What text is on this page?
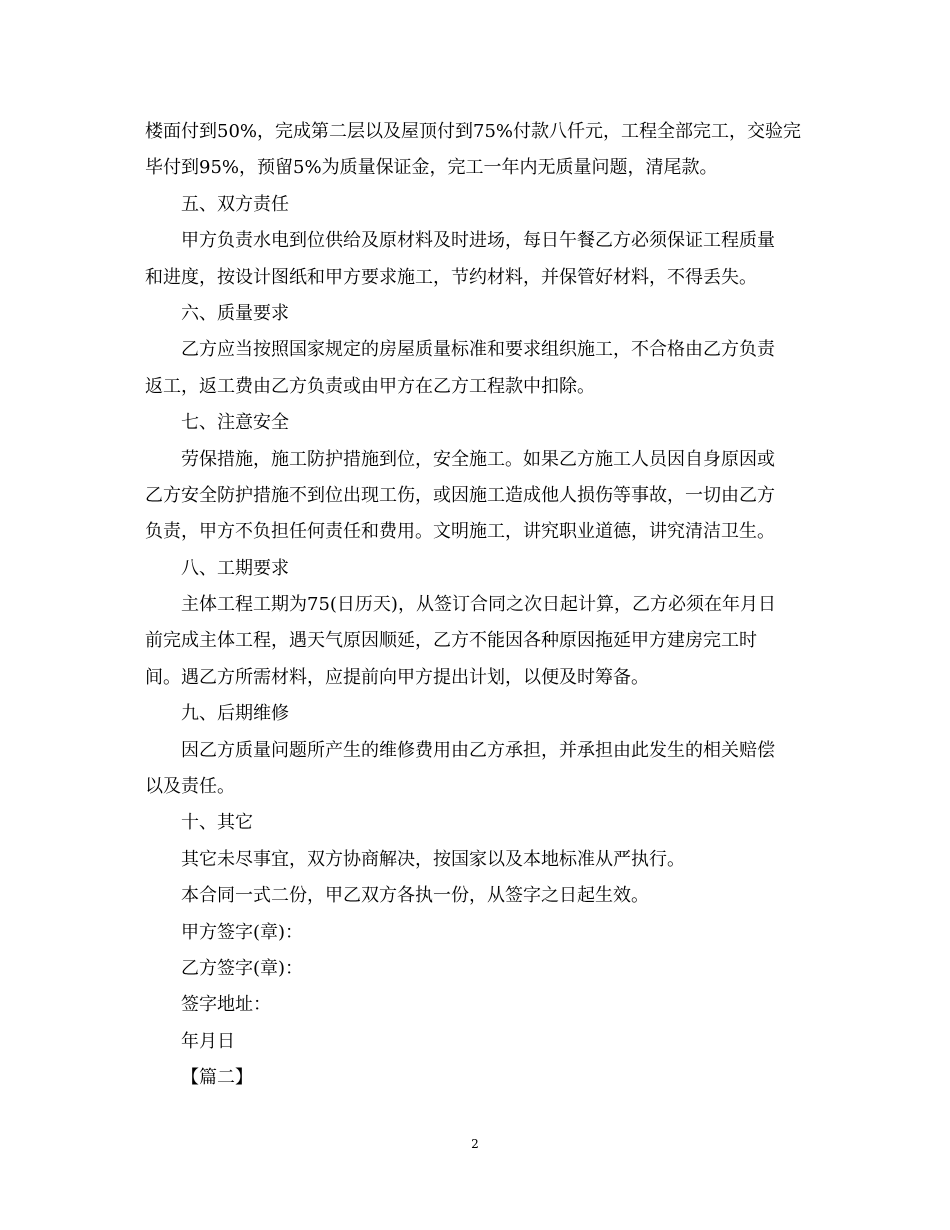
楼面付到50%，完成第二层以及屋顶付到75%付款八仟元，工程全部完工，交验完
毕付到95%，预留5%为质量保证金，完工一年内无质量问题，清尾款。
五、双方责任
甲方负责水电到位供给及原材料及时进场，每日午餐乙方必须保证工程质量
和进度，按设计图纸和甲方要求施工，节约材料，并保管好材料，不得丢失。
六、质量要求
乙方应当按照国家规定的房屋质量标准和要求组织施工，不合格由乙方负责
返工，返工费由乙方负责或由甲方在乙方工程款中扣除。
七、注意安全
劳保措施，施工防护措施到位，安全施工。如果乙方施工人员因自身原因或
乙方安全防护措施不到位出现工伤，或因施工造成他人损伤等事故，一切由乙方
负责，甲方不负担任何责任和费用。文明施工，讲究职业道德，讲究清洁卫生。
八、工期要求
主体工程工期为75(日历天)，从签订合同之次日起计算，乙方必须在年月日
前完成主体工程，遇天气原因顺延，乙方不能因各种原因拖延甲方建房完工时
间。遇乙方所需材料，应提前向甲方提出计划，以便及时筹备。
九、后期维修
因乙方质量问题所产生的维修费用由乙方承担，并承担由此发生的相关赔偿
以及责任。
十、其它
其它未尽事宜，双方协商解决，按国家以及本地标准从严执行。
本合同一式二份，甲乙双方各执一份，从签字之日起生效。
甲方签字(章)：
乙方签字(章)：
签字地址：
年月日
【篇二】
2
